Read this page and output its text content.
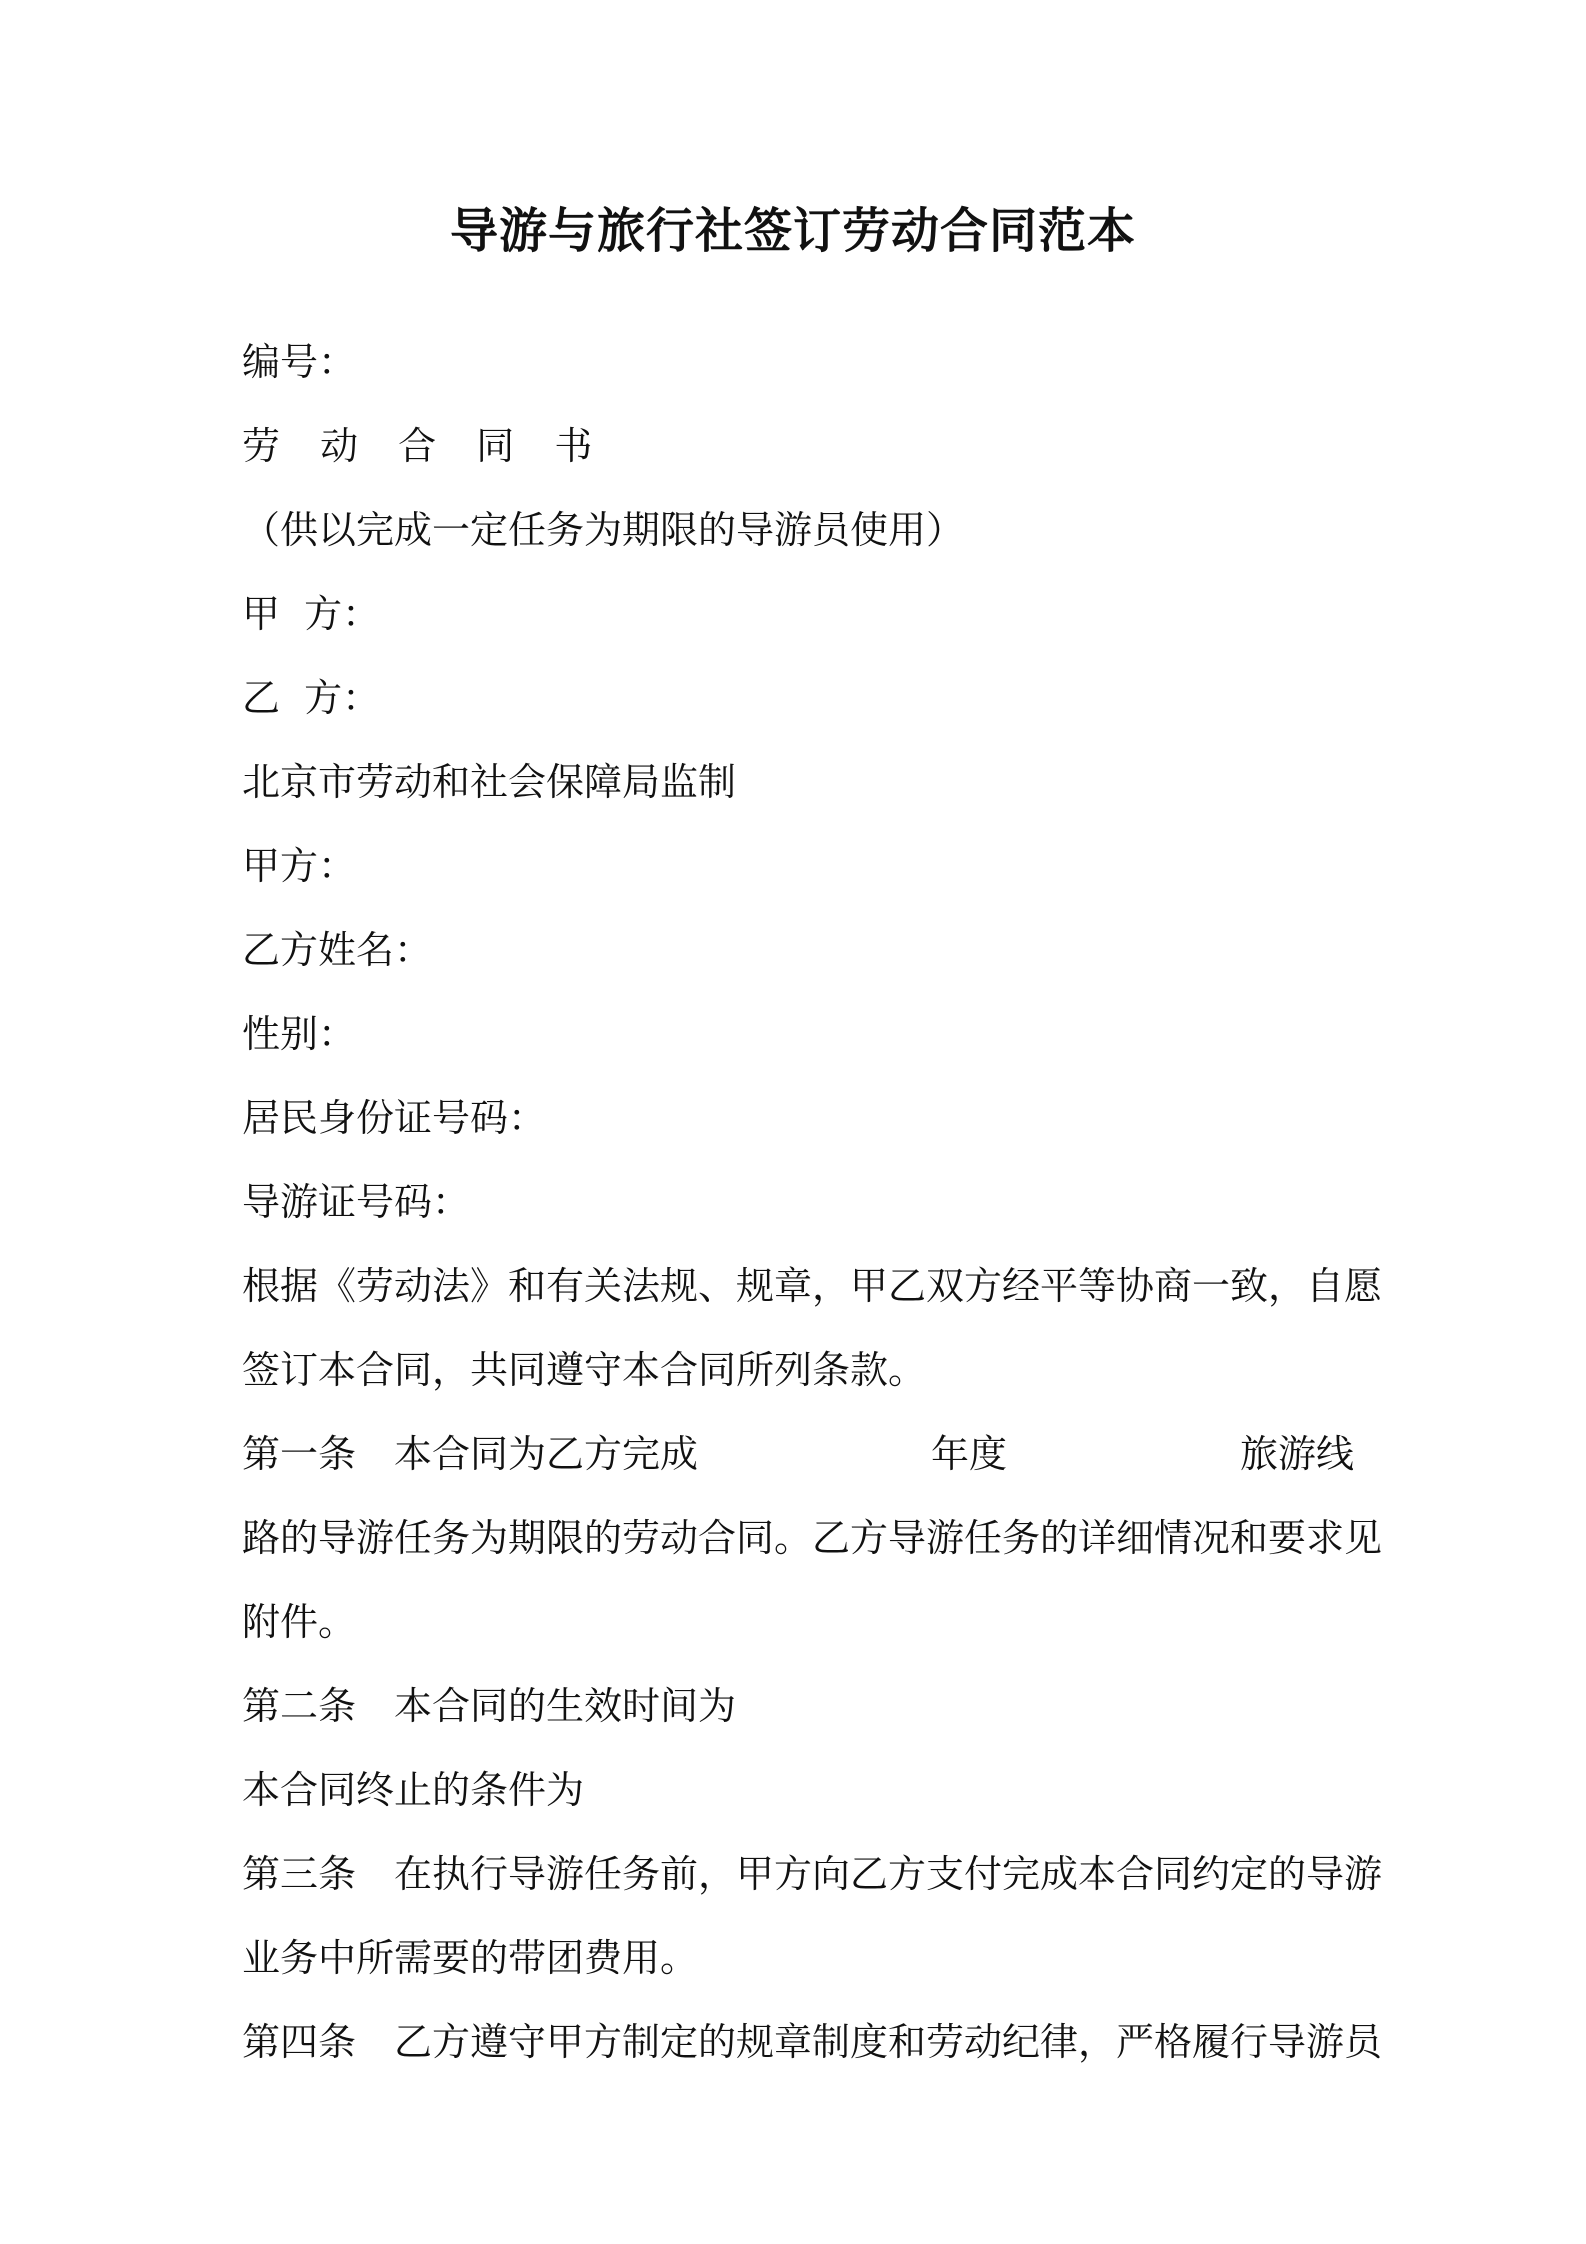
导游与旅行社签订劳动合同范本
编号：
劳 动 合 同 书
（供以完成一定任务为期限的导游员使用）
甲  方：
乙  方：
北京市劳动和社会保障局监制
甲方：
乙方姓名：
性别：
居民身份证号码：
导游证号码：
根据《劳动法》和有关法规、规章，甲乙双方经平等协商一致，自愿
签订本合同，共同遵守本合同所列条款。
第一条 本合同为乙方完成	年度	旅游线
路的导游任务为期限的劳动合同。乙方导游任务的详细情况和要求见
附件。
第二条 本合同的生效时间为
本合同终止的条件为
第三条 在执行导游任务前，甲方向乙方支付完成本合同约定的导游
业务中所需要的带团费用。
第四条 乙方遵守甲方制定的规章制度和劳动纪律，严格履行导游员
